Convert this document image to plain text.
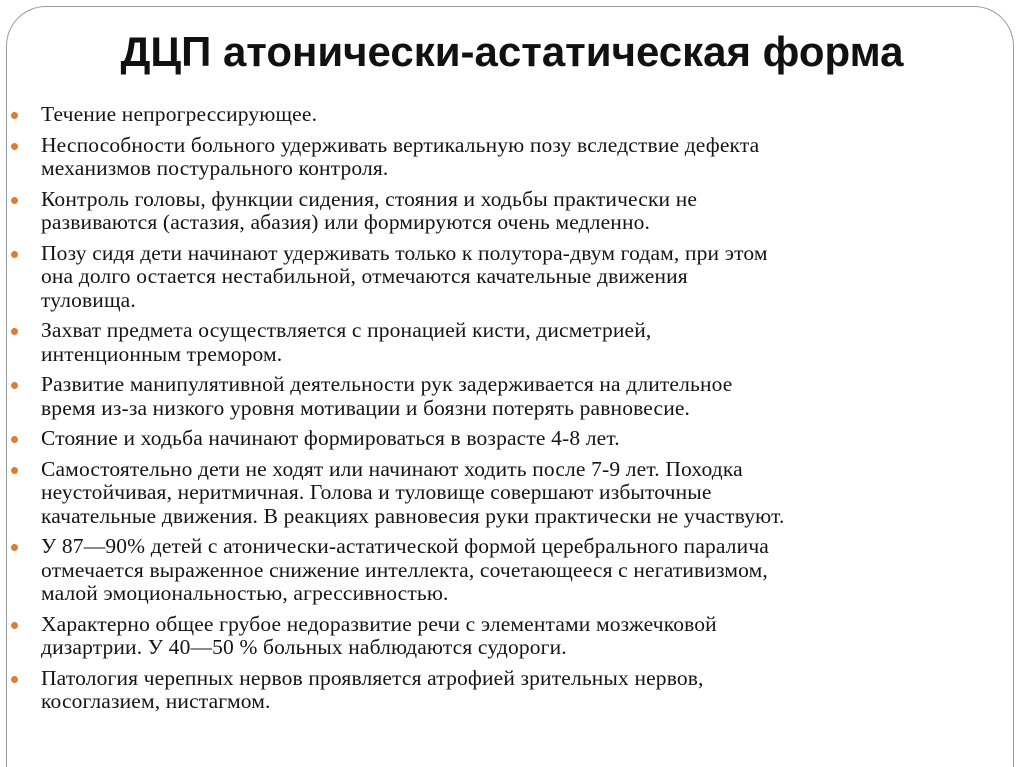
ДЦП атонически-астатическая форма
Течение непрогрессирующее.
Неспособности больного удерживать вертикальную позу вследствие дефекта
механизмов постурального контроля.
Контроль головы, функции сидения, стояния и ходьбы практически не
развиваются (астазия, абазия) или формируются очень медленно.
Позу сидя дети начинают удерживать только к полутора-двум годам, при этом
она долго остается нестабильной, отмечаются качательные движения
туловища.
Захват предмета осуществляется с пронацией кисти, дисметрией,
интенционным тремором.
Развитие манипулятивной деятельности рук задерживается на длительное
время из-за низкого уровня мотивации и боязни потерять равновесие.
Стояние и ходьба начинают формироваться в возрасте 4-8 лет.
Самостоятельно дети не ходят или начинают ходить после 7-9 лет. Походка
неустойчивая, неритмичная. Голова и туловище совершают избыточные
качательные движения. В реакциях равновесия руки практически не участвуют.
У 87—90% детей с атонически-астатической формой церебрального паралича
отмечается выраженное снижение интеллекта, сочетающееся с негативизмом,
малой эмоциональностью, агрессивностью.
Характерно общее грубое недоразвитие речи с элементами мозжечковой
дизартрии. У 40—50 % больных наблюдаются судороги.
Патология черепных нервов проявляется атрофией зрительных нервов,
косоглазием, нистагмом.
